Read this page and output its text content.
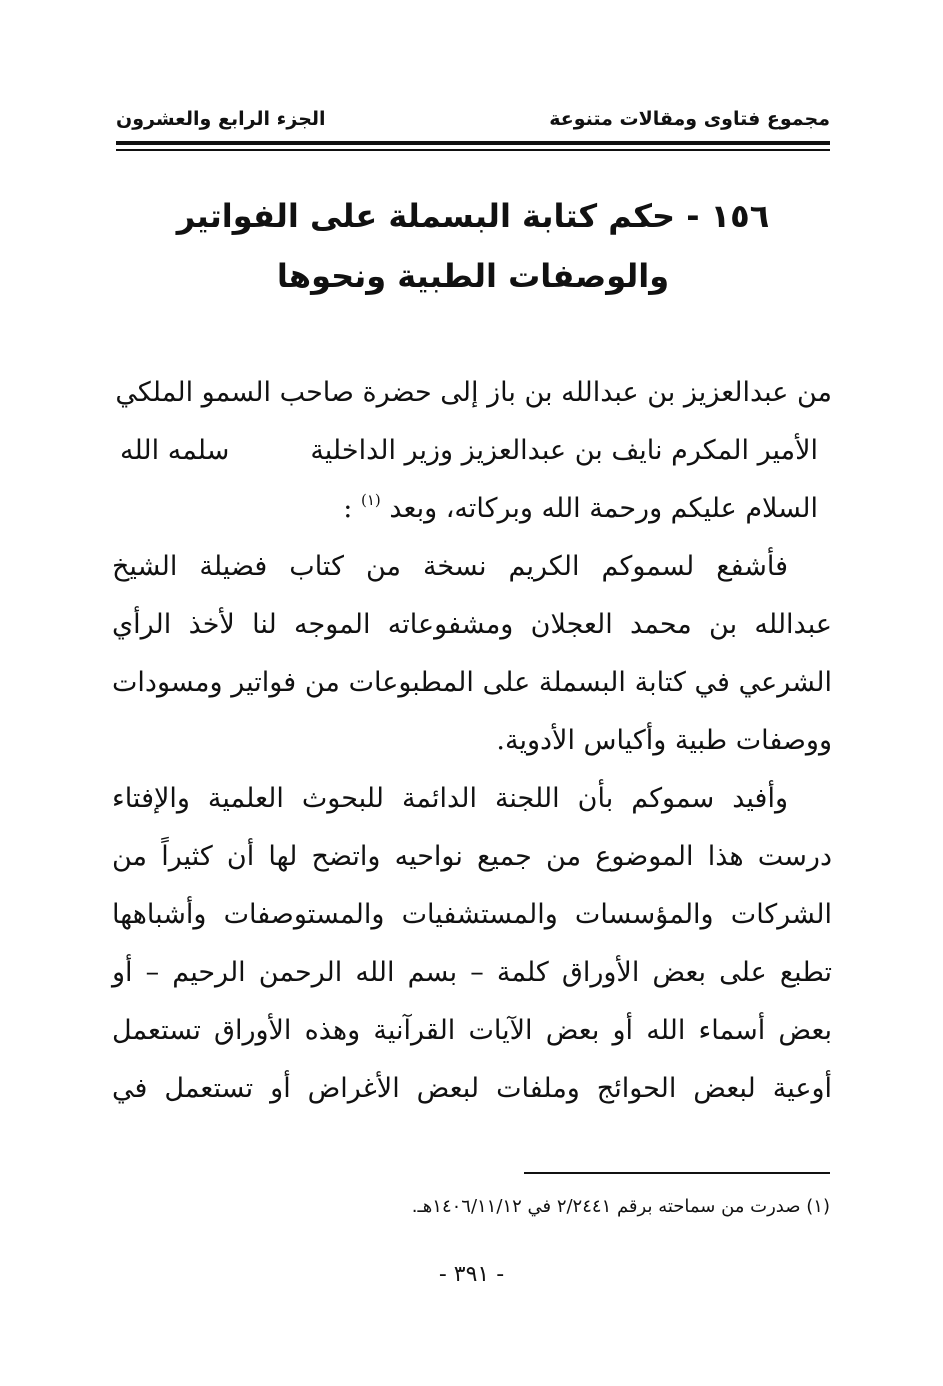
مجموع فتاوى ومقالات متنوعة
الجزء الرابع والعشرون
١٥٦ - حكم كتابة البسملة على الفواتير
والوصفات الطبية ونحوها
من عبدالعزيز بن عبدالله بن باز إلى حضرة صاحب السمو الملكي
الأمير المكرم نايف بن عبدالعزيز وزير الداخلية
سلمه الله
السلام عليكم ورحمة الله وبركاته، وبعد $^{(١)}$ :
فأشفع لسموكم الكريم نسخة من كتاب فضيلة الشيخ
عبدالله بن محمد العجلان ومشفوعاته الموجه لنا لأخذ الرأي
الشرعي في كتابة البسملة على المطبوعات من فواتير ومسودات
ووصفات طبية وأكياس الأدوية.
وأفيد سموكم بأن اللجنة الدائمة للبحوث العلمية والإفتاء
درست هذا الموضوع من جميع نواحيه واتضح لها أن كثيراً من
الشركات والمؤسسات والمستشفيات والمستوصفات وأشباهها
تطبع على بعض الأوراق كلمة – بسم الله الرحمن الرحيم – أو
بعض أسماء الله أو بعض الآيات القرآنية وهذه الأوراق تستعمل
أوعية لبعض الحوائج وملفات لبعض الأغراض أو تستعمل في
(١) صدرت من سماحته برقم ٢/٢٤٤١ في ١٤٠٦/١١/١٢هـ.
- ٣٩١ -
